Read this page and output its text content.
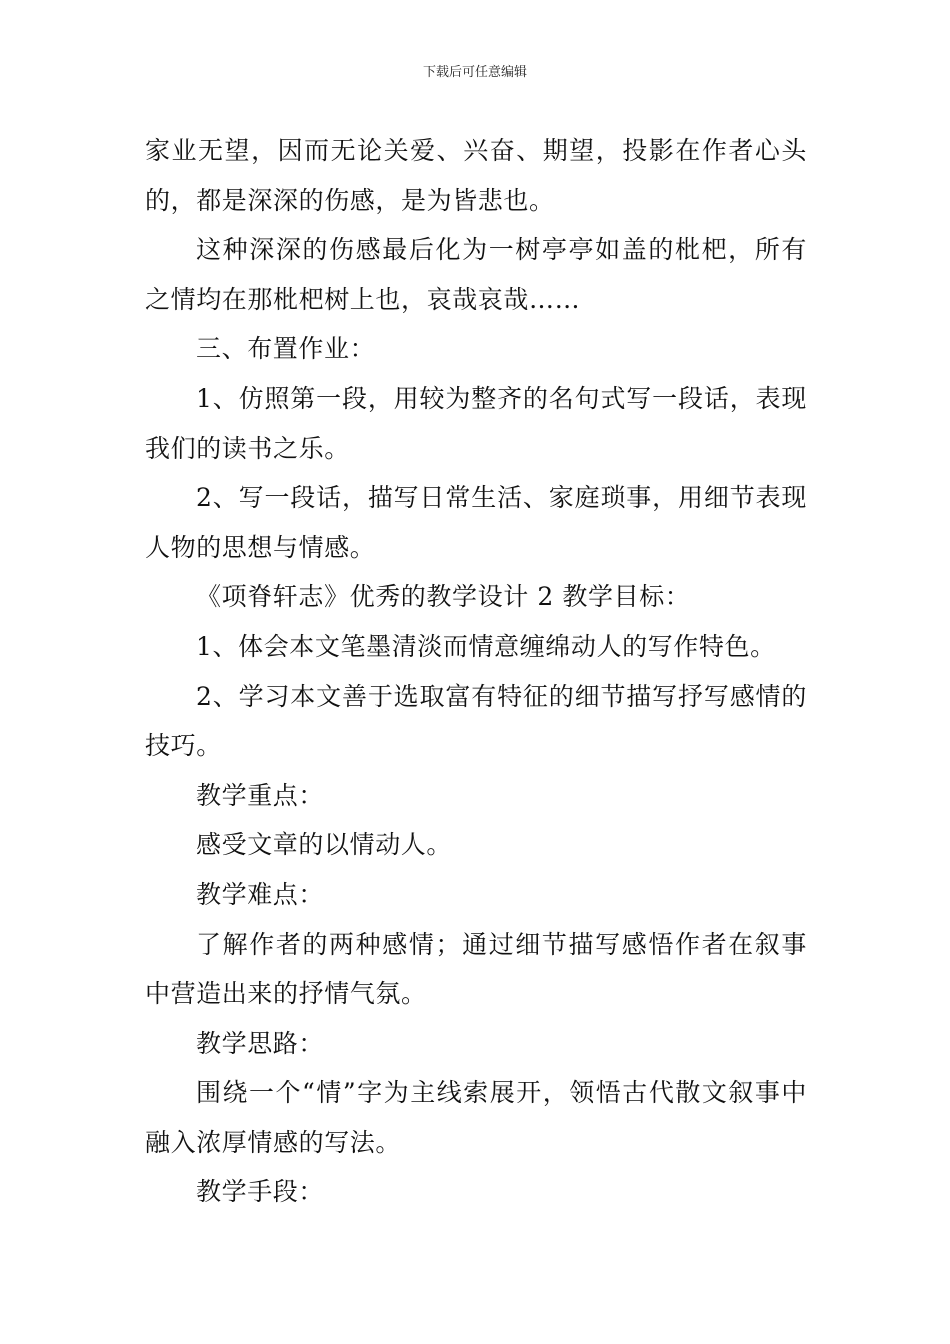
下载后可任意编辑

家业无望，因而无论关爱、兴奋、期望，投影在作者心头的，都是深深的伤感，是为皆悲也。

这种深深的伤感最后化为一树亭亭如盖的枇杷，所有之情均在那枇杷树上也，哀哉哀哉……

三、布置作业：

1、仿照第一段，用较为整齐的名句式写一段话，表现我们的读书之乐。

2、写一段话，描写日常生活、家庭琐事，用细节表现人物的思想与情感。

《项脊轩志》优秀的教学设计 2 教学目标：

1、体会本文笔墨清淡而情意缠绵动人的写作特色。

2、学习本文善于选取富有特征的细节描写抒写感情的技巧。

教学重点：

感受文章的以情动人。

教学难点：

了解作者的两种感情；通过细节描写感悟作者在叙事中营造出来的抒情气氛。

教学思路：

围绕一个“情”字为主线索展开，领悟古代散文叙事中融入浓厚情感的写法。

教学手段：
